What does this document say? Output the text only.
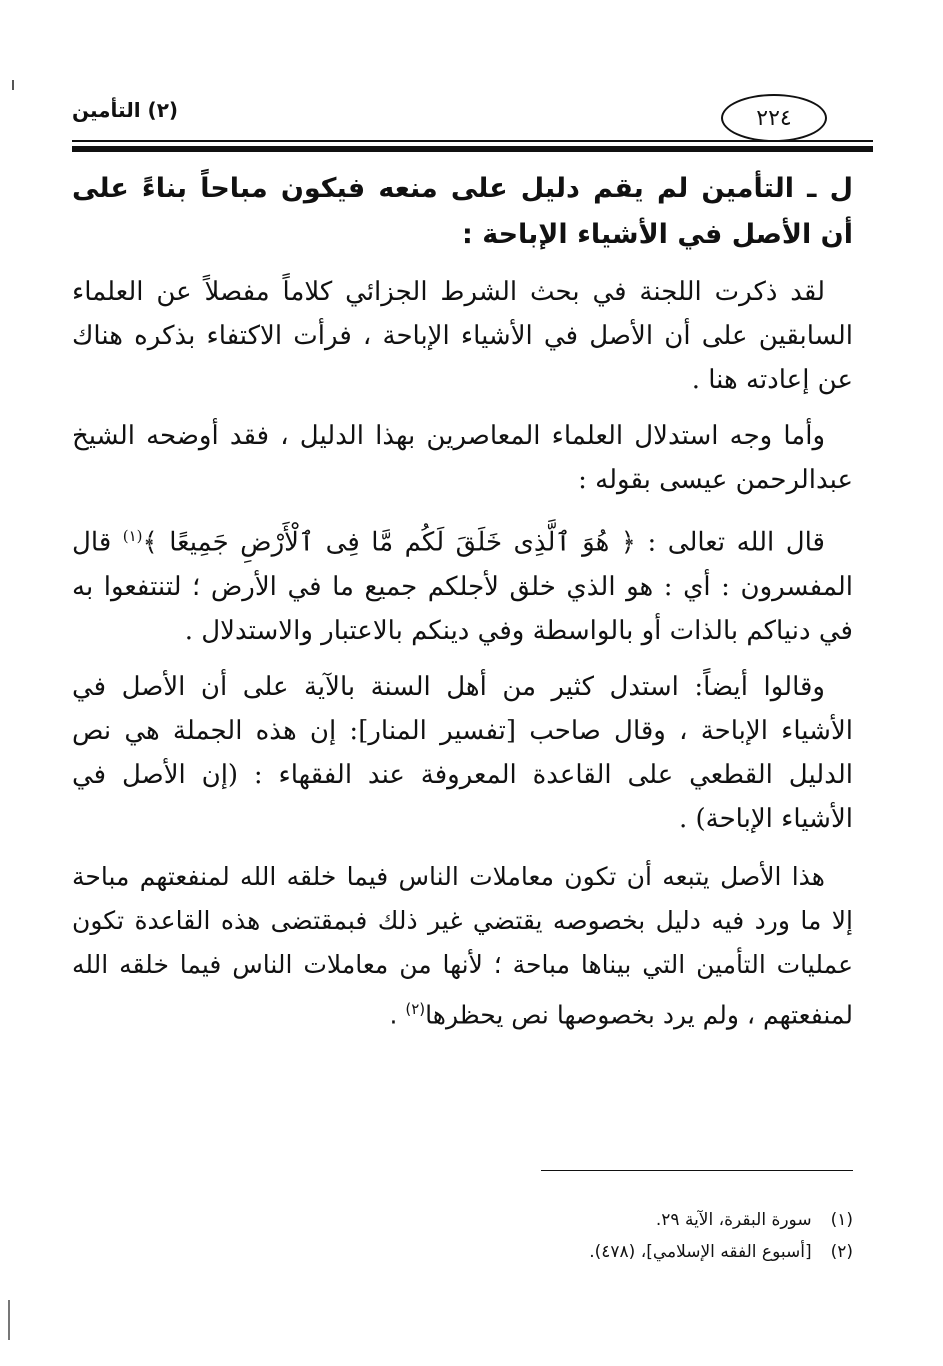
(٢) التأمين	٢٢٤

ل ـ التأمين لم يقم دليل على منعه فيكون مباحاً بناءً على أن الأصل في الأشياء الإباحة :

لقد ذكرت اللجنة في بحث الشرط الجزائي كلاماً مفصلاً عن العلماء السابقين على أن الأصل في الأشياء الإباحة ، فرأت الاكتفاء بذكره هناك عن إعادته هنا .

وأما وجه استدلال العلماء المعاصرين بهذا الدليل ، فقد أوضحه الشيخ عبدالرحمن عيسى بقوله :

قال الله تعالى : ﴿ هُوَ ٱلَّذِى خَلَقَ لَكُم مَّا فِى ٱلْأَرْضِ جَمِيعًا ﴾$^{(١)}$ قال المفسرون : أي : هو الذي خلق لأجلكم جميع ما في الأرض ؛ لتنتفعوا به في دنياكم بالذات أو بالواسطة وفي دينكم بالاعتبار والاستدلال .

وقالوا أيضاً: استدل كثير من أهل السنة بالآية على أن الأصل في الأشياء الإباحة ، وقال صاحب [تفسير المنار]: إن هذه الجملة هي نص الدليل القطعي على القاعدة المعروفة عند الفقهاء : (إن الأصل في الأشياء الإباحة) .

هذا الأصل يتبعه أن تكون معاملات الناس فيما خلقه الله لمنفعتهم مباحة إلا ما ورد فيه دليل بخصوصه يقتضي غير ذلك فبمقتضى هذه القاعدة تكون عمليات التأمين التي بيناها مباحة ؛ لأنها من معاملات الناس فيما خلقه الله لمنفعتهم ، ولم يرد بخصوصها نص يحظرها$^{(٢)}$ .

(١) سورة البقرة، الآية ٢٩.
(٢) [أسبوع الفقه الإسلامي]، (٤٧٨).
